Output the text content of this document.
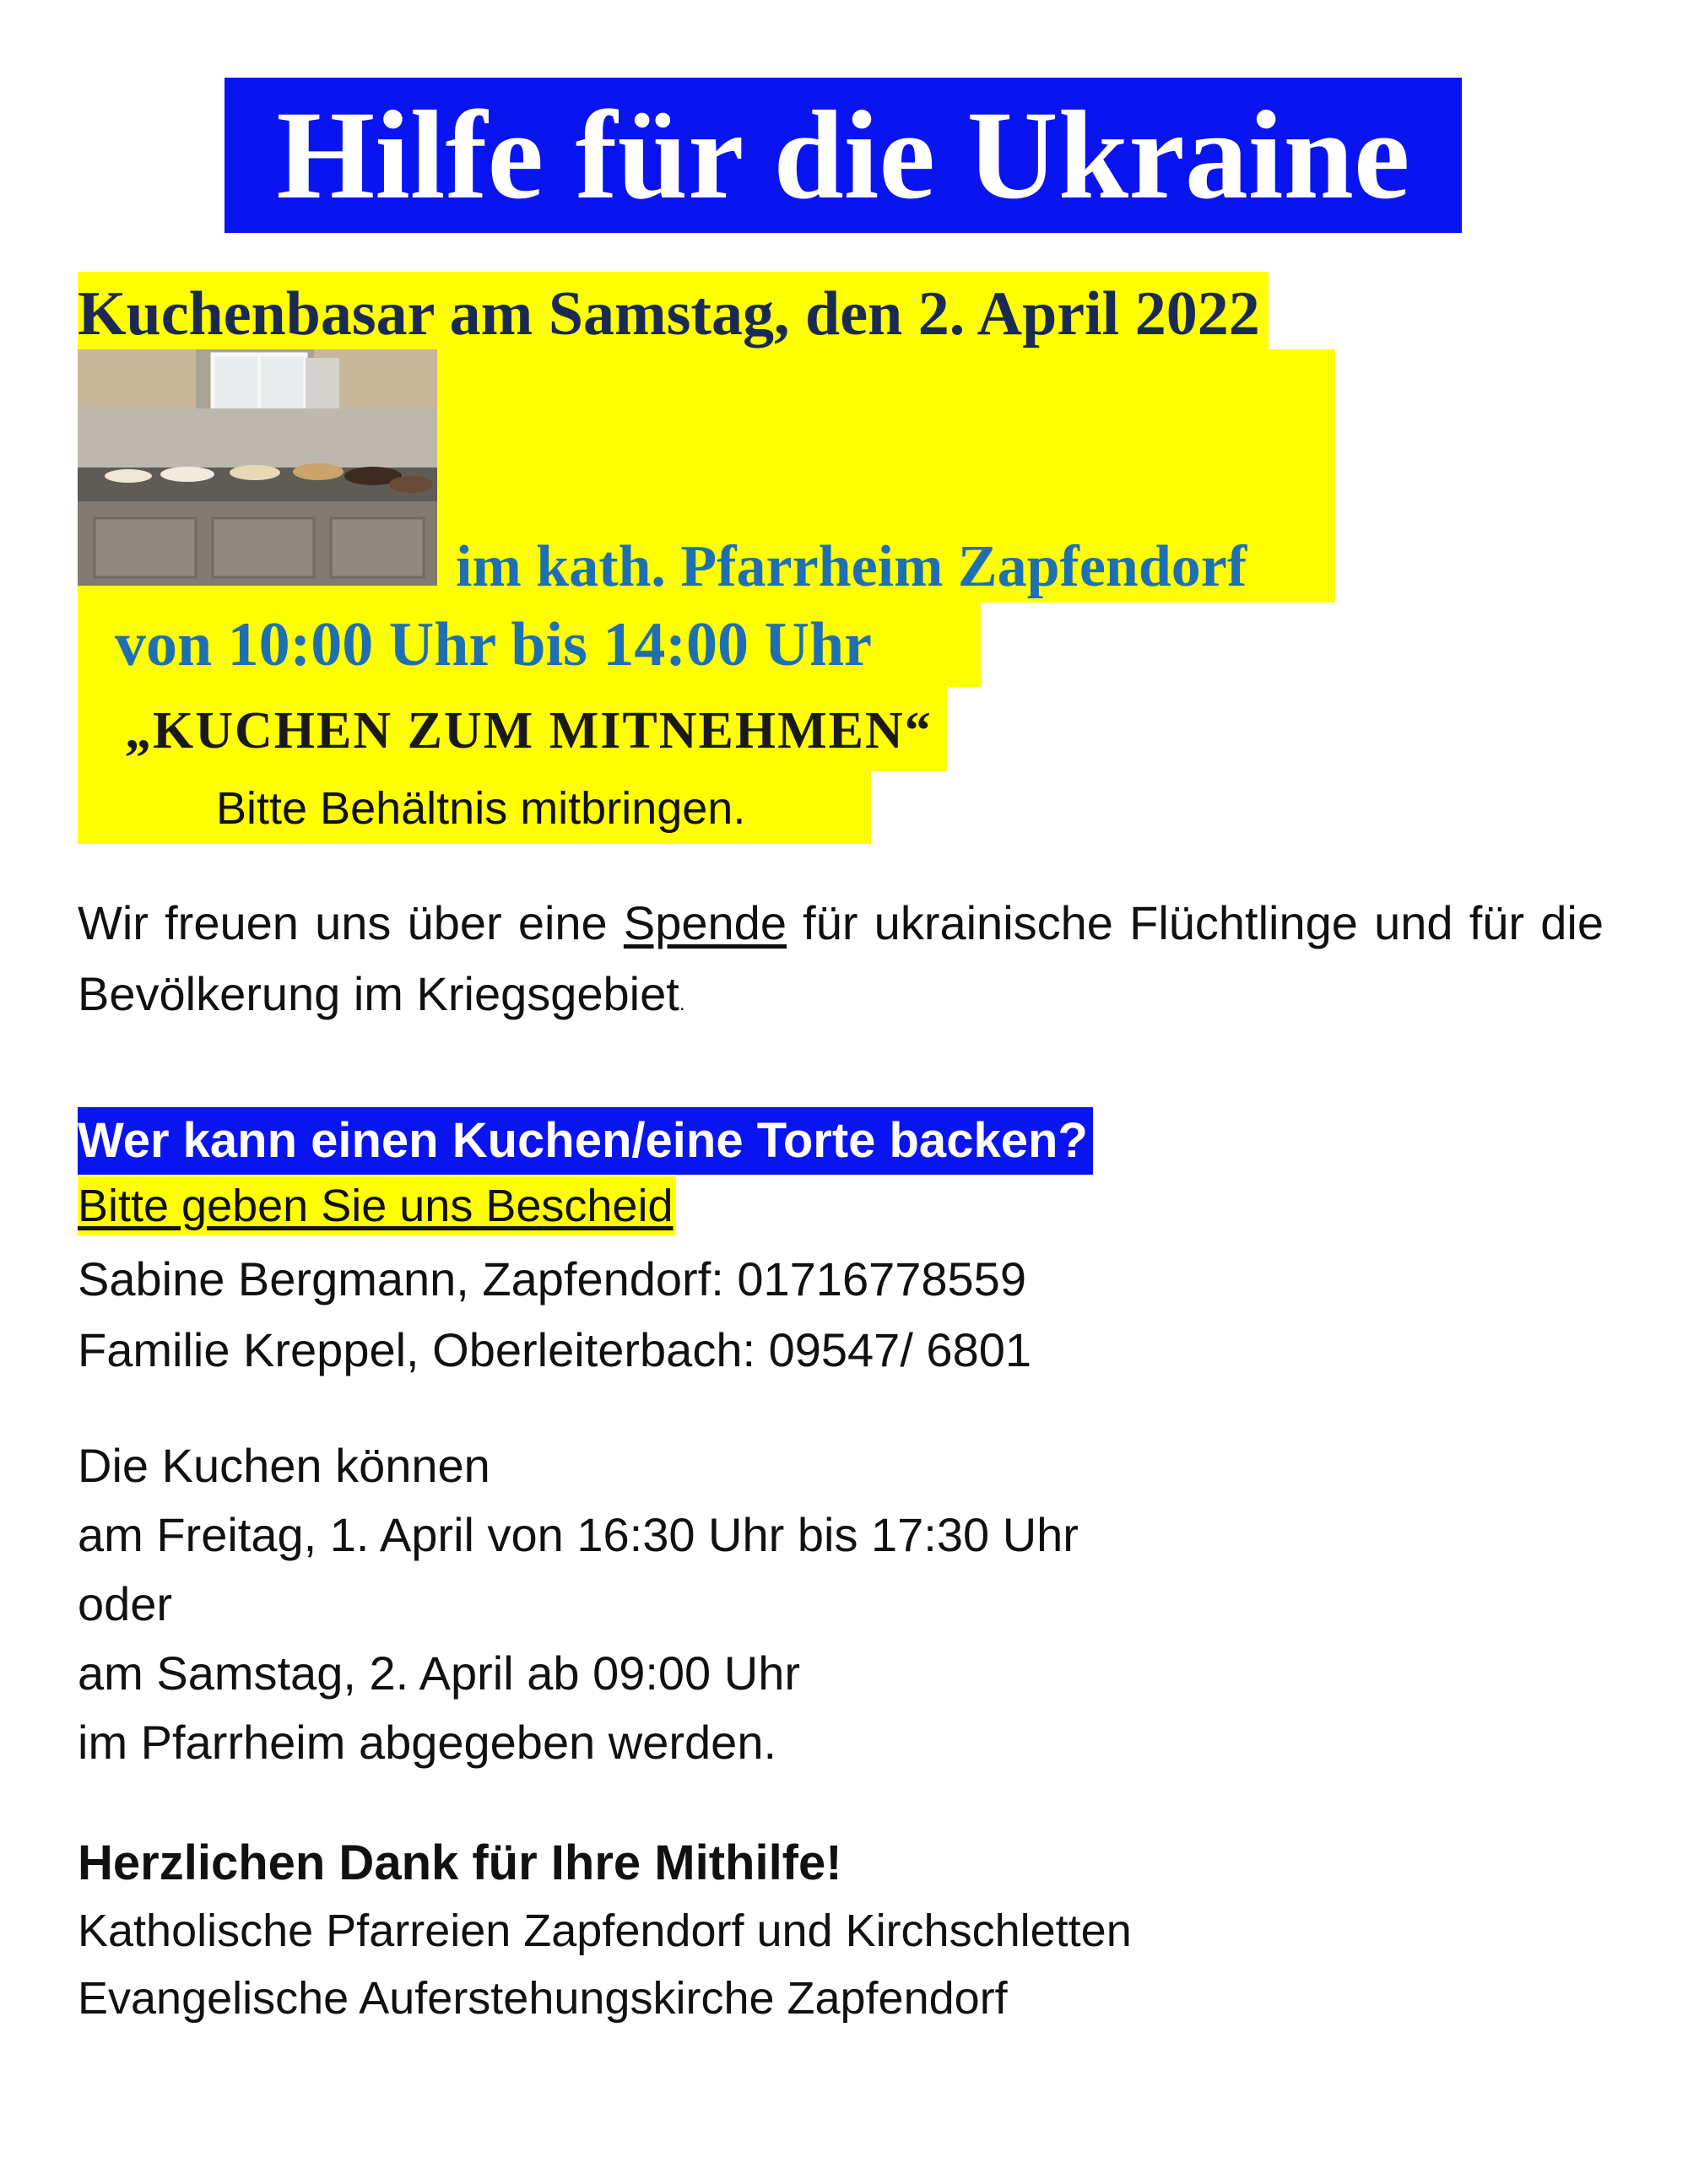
Hilfe für die Ukraine
Kuchenbasar am Samstag, den 2. April 2022
im kath. Pfarrheim Zapfendorf
von 10:00 Uhr bis 14:00 Uhr
„KUCHEN ZUM MITNEHMEN“
Bitte Behältnis mitbringen.
Wir freuen uns über eine Spende für ukrainische Flüchtlinge und für die Bevölkerung im Kriegsgebiet.
Wer kann einen Kuchen/eine Torte backen?
Bitte geben Sie uns Bescheid
Sabine Bergmann, Zapfendorf: 01716778559
Familie Kreppel, Oberleiterbach: 09547/ 6801
Die Kuchen können
am Freitag, 1. April von 16:30 Uhr bis 17:30 Uhr
oder
am Samstag, 2. April ab 09:00 Uhr
im Pfarrheim abgegeben werden.
Herzlichen Dank für Ihre Mithilfe!
Katholische Pfarreien Zapfendorf und Kirchschletten
Evangelische Auferstehungskirche Zapfendorf
